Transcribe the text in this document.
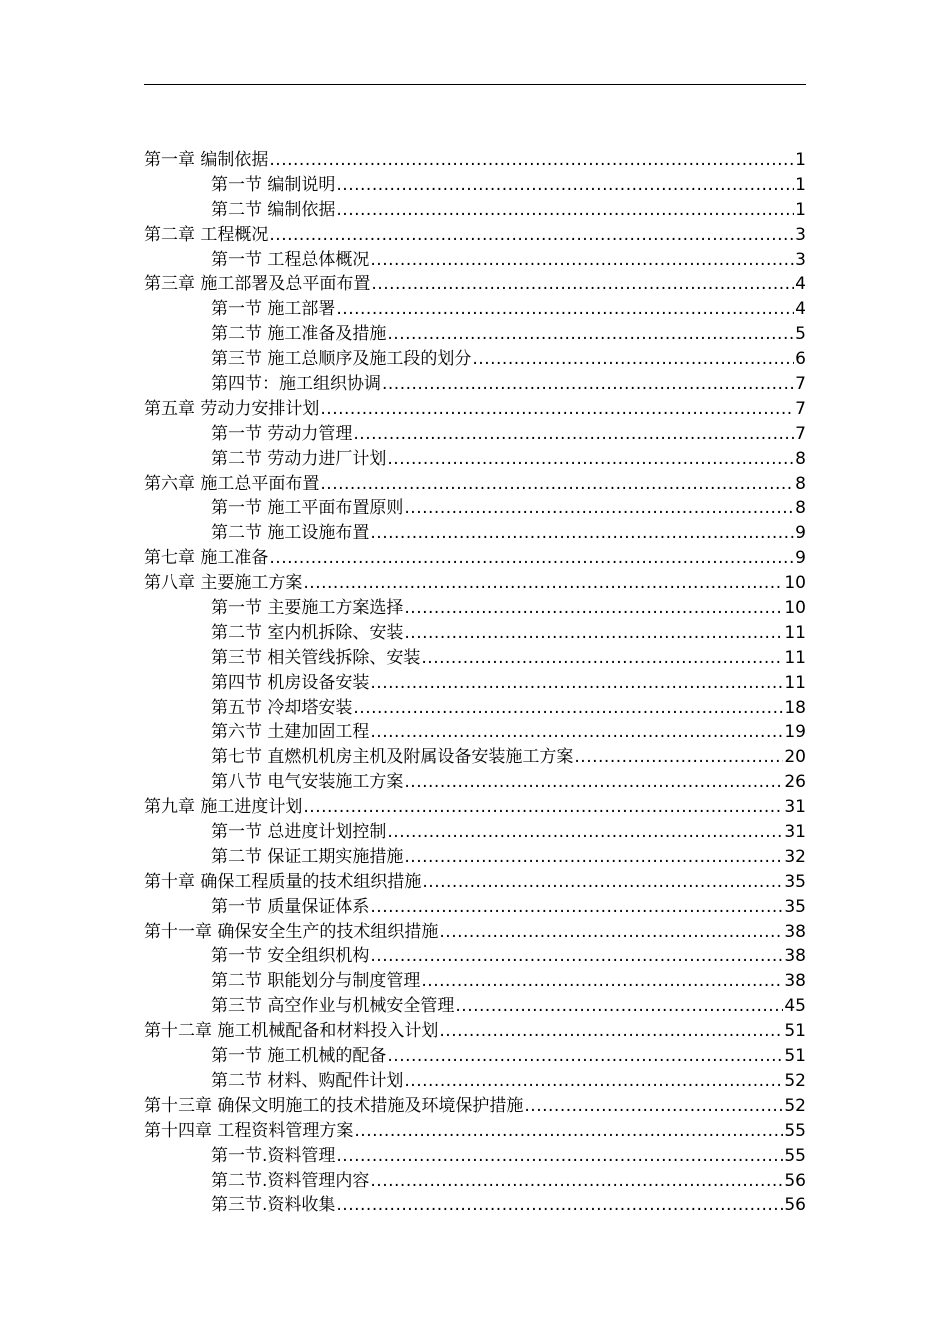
第一章 编制依据 .....	1
第一节 编制说明 .....	1
第二节 编制依据 .....	1
第二章 工程概况 .....	3
第一节 工程总体概况 .....	3
第三章 施工部署及总平面布置 .....	4
第一节 施工部署 .....	4
第二节 施工准备及措施 .....	5
第三节 施工总顺序及施工段的划分 .....	6
第四节：施工组织协调 .....	7
第五章 劳动力安排计划 .....	7
第一节 劳动力管理 .....	7
第二节 劳动力进厂计划 .....	8
第六章 施工总平面布置 .....	8
第一节 施工平面布置原则 .....	8
第二节 施工设施布置 .....	9
第七章 施工准备 .....	9
第八章 主要施工方案 .....	10
第一节 主要施工方案选择 .....	10
第二节 室内机拆除、安装 .....	11
第三节 相关管线拆除、安装 .....	11
第四节 机房设备安装 .....	11
第五节 冷却塔安装 .....	18
第六节 土建加固工程 .....	19
第七节 直燃机机房主机及附属设备安装施工方案 .....	20
第八节 电气安装施工方案 .....	26
第九章 施工进度计划 .....	31
第一节 总进度计划控制 .....	31
第二节 保证工期实施措施 .....	32
第十章 确保工程质量的技术组织措施 .....	35
第一节 质量保证体系 .....	35
第十一章 确保安全生产的技术组织措施 .....	38
第一节 安全组织机构 .....	38
第二节 职能划分与制度管理 .....	38
第三节 高空作业与机械安全管理 .....	45
第十二章 施工机械配备和材料投入计划 .....	51
第一节 施工机械的配备 .....	51
第二节 材料、购配件计划 .....	52
第十三章 确保文明施工的技术措施及环境保护措施 .....	52
第十四章 工程资料管理方案 .....	55
第一节.资料管理 .....	55
第二节.资料管理内容 .....	56
第三节.资料收集 .....	56
